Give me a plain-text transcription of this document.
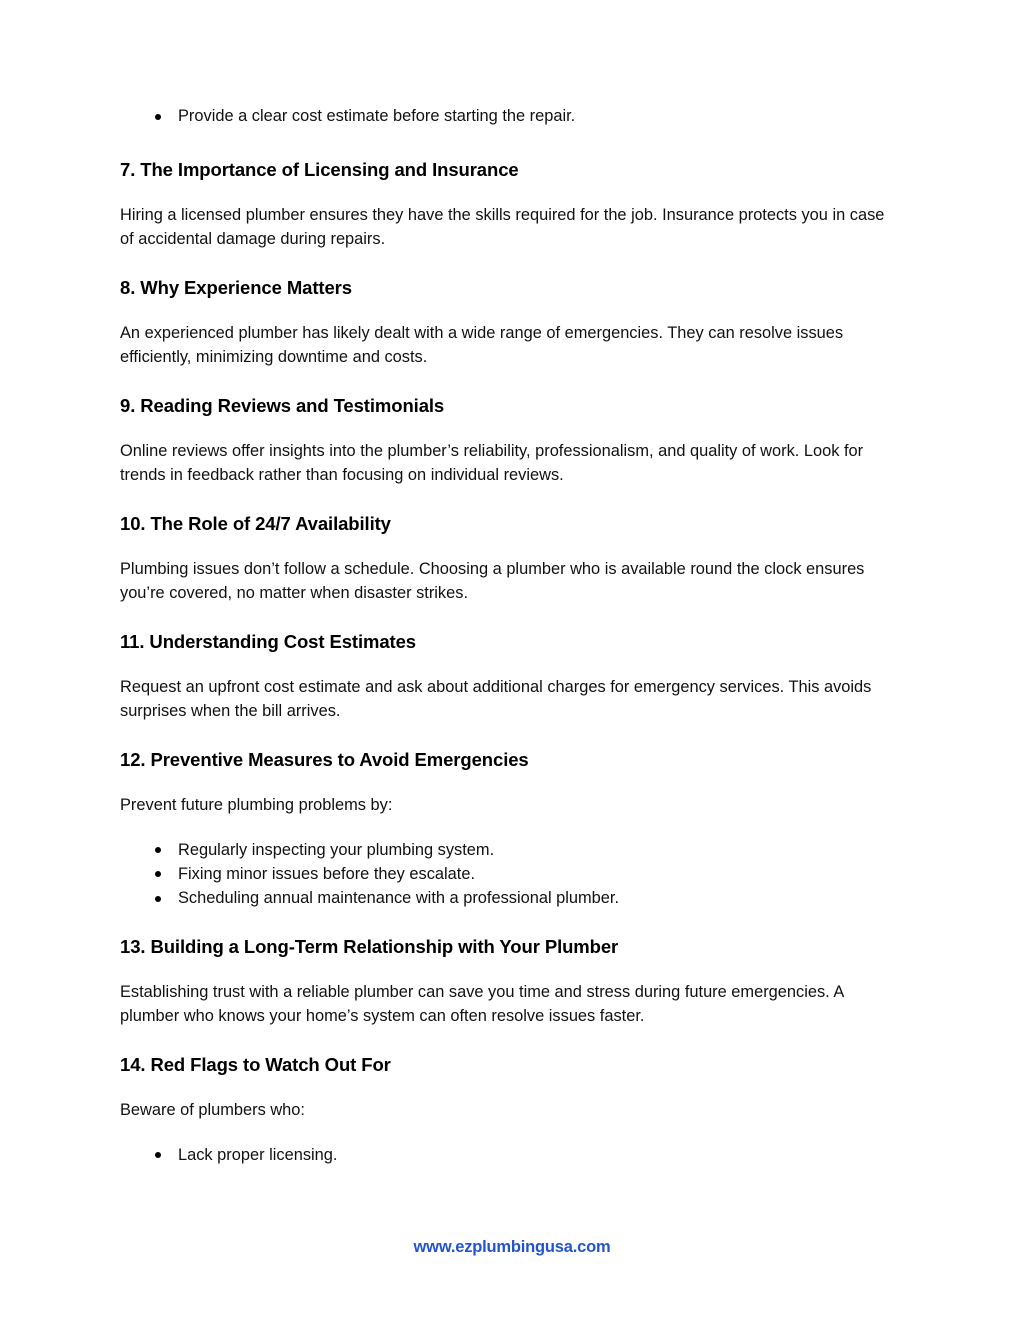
Provide a clear cost estimate before starting the repair.
7. The Importance of Licensing and Insurance

Hiring a licensed plumber ensures they have the skills required for the job. Insurance protects you in case of accidental damage during repairs.

8. Why Experience Matters

An experienced plumber has likely dealt with a wide range of emergencies. They can resolve issues efficiently, minimizing downtime and costs.

9. Reading Reviews and Testimonials

Online reviews offer insights into the plumber’s reliability, professionalism, and quality of work. Look for trends in feedback rather than focusing on individual reviews.

10. The Role of 24/7 Availability

Plumbing issues don’t follow a schedule. Choosing a plumber who is available round the clock ensures you’re covered, no matter when disaster strikes.

11. Understanding Cost Estimates

Request an upfront cost estimate and ask about additional charges for emergency services. This avoids surprises when the bill arrives.

12. Preventive Measures to Avoid Emergencies

Prevent future plumbing problems by:

Regularly inspecting your plumbing system.
Fixing minor issues before they escalate.
Scheduling annual maintenance with a professional plumber.
13. Building a Long-Term Relationship with Your Plumber

Establishing trust with a reliable plumber can save you time and stress during future emergencies. A plumber who knows your home’s system can often resolve issues faster.

14. Red Flags to Watch Out For

Beware of plumbers who:

Lack proper licensing.
www.ezplumbingusa.com
